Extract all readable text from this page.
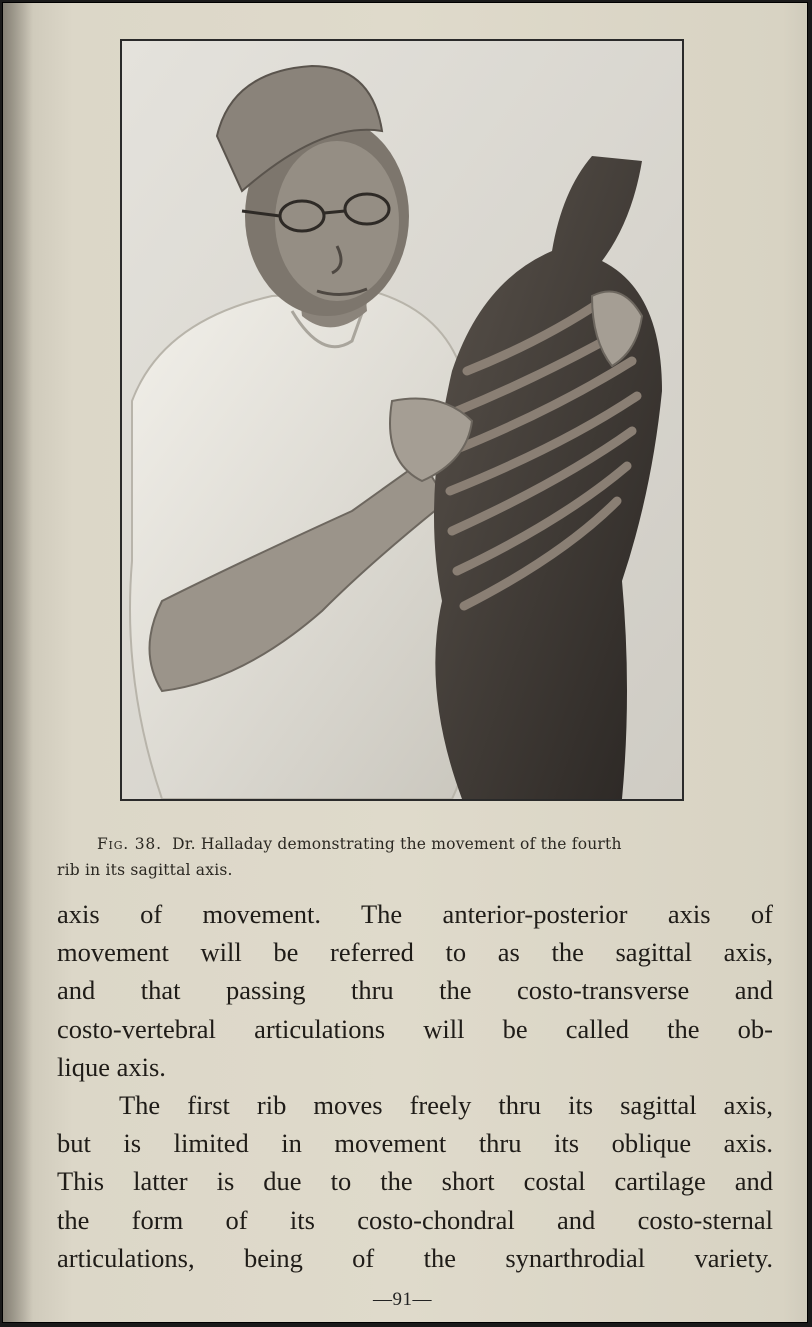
Fig. 38. Dr. Halladay demonstrating the movement of the fourth
rib in its sagittal axis.
axis of movement. The anterior-posterior axis of
movement will be referred to as the sagittal axis,
and that passing thru the costo-transverse and
costo-vertebral articulations will be called the ob-
lique axis.
The first rib moves freely thru its sagittal axis,
but is limited in movement thru its oblique axis.
This latter is due to the short costal cartilage and
the form of its costo-chondral and costo-sternal
articulations, being of the synarthrodial variety.
—91—
